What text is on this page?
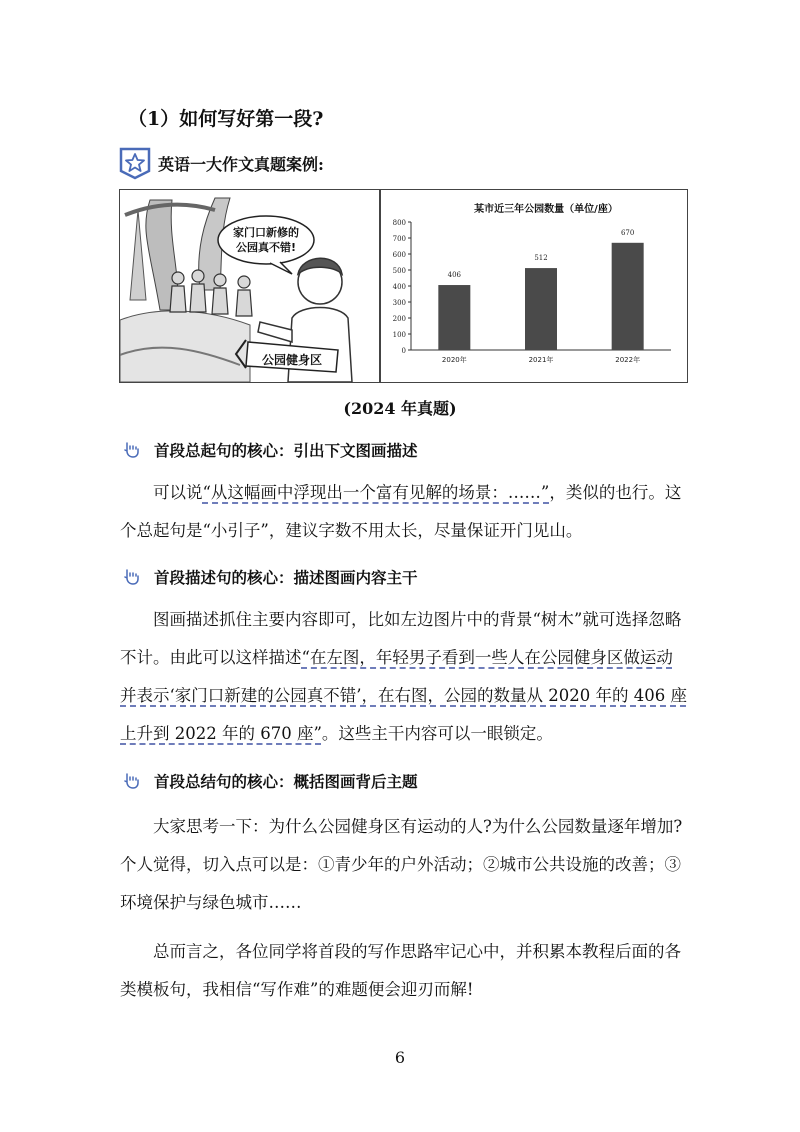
（1）如何写好第一段?
英语一大作文真题案例:
家门口新修的
公园真不错!
公园健身区
某市近三年公园数量（单位/座）
0
100
200
300
400
500
600
700
800
406
2020年
512
2021年
670
2022年
(2024 年真题)
首段总起句的核心：引出下文图画描述
可以说“从这幅画中浮现出一个富有见解的场景：……”，类似的也行。这个总起句是“小引子”，建议字数不用太长，尽量保证开门见山。
首段描述句的核心：描述图画内容主干
图画描述抓住主要内容即可，比如左边图片中的背景“树木”就可选择忽略不计。由此可以这样描述“在左图，年轻男子看到一些人在公园健身区做运动并表示‘家门口新建的公园真不错’，在右图，公园的数量从 2020 年的 406 座上升到 2022 年的 670 座”。这些主干内容可以一眼锁定。
首段总结句的核心：概括图画背后主题
大家思考一下：为什么公园健身区有运动的人?为什么公园数量逐年增加?个人觉得，切入点可以是：①青少年的户外活动；②城市公共设施的改善；③环境保护与绿色城市……
总而言之，各位同学将首段的写作思路牢记心中，并积累本教程后面的各类模板句，我相信“写作难”的难题便会迎刃而解!
6
